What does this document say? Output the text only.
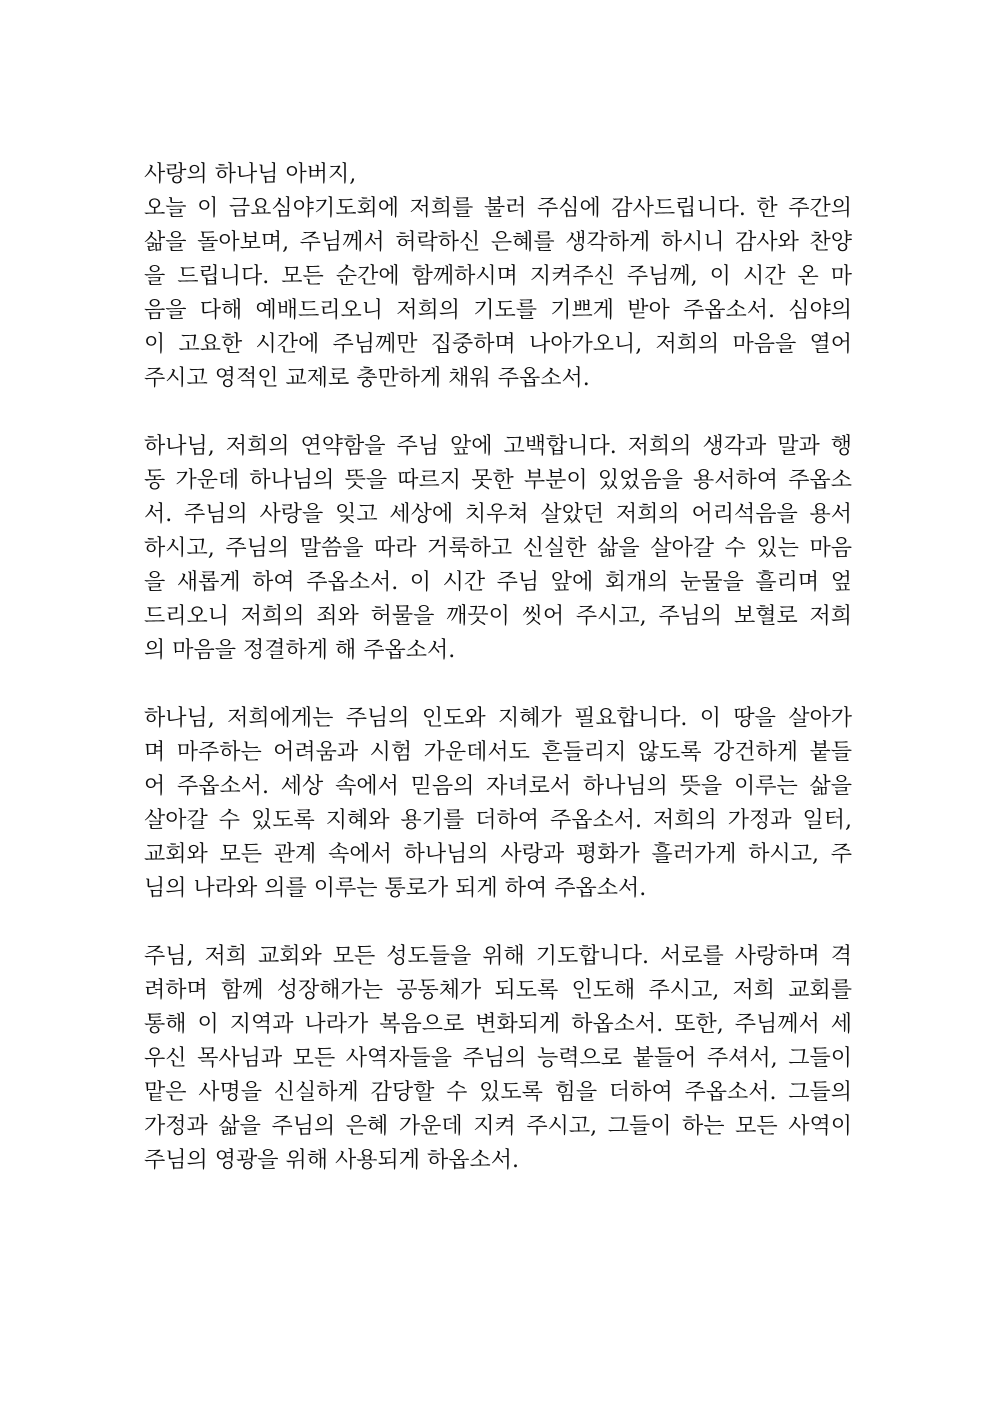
사랑의 하나님 아버지,
오늘 이 금요심야기도회에 저희를 불러 주심에 감사드립니다. 한 주간의
삶을 돌아보며, 주님께서 허락하신 은혜를 생각하게 하시니 감사와 찬양
을 드립니다. 모든 순간에 함께하시며 지켜주신 주님께, 이 시간 온 마
음을 다해 예배드리오니 저희의 기도를 기쁘게 받아 주옵소서. 심야의
이 고요한 시간에 주님께만 집중하며 나아가오니, 저희의 마음을 열어
주시고 영적인 교제로 충만하게 채워 주옵소서.
하나님, 저희의 연약함을 주님 앞에 고백합니다. 저희의 생각과 말과 행
동 가운데 하나님의 뜻을 따르지 못한 부분이 있었음을 용서하여 주옵소
서. 주님의 사랑을 잊고 세상에 치우쳐 살았던 저희의 어리석음을 용서
하시고, 주님의 말씀을 따라 거룩하고 신실한 삶을 살아갈 수 있는 마음
을 새롭게 하여 주옵소서. 이 시간 주님 앞에 회개의 눈물을 흘리며 엎
드리오니 저희의 죄와 허물을 깨끗이 씻어 주시고, 주님의 보혈로 저희
의 마음을 정결하게 해 주옵소서.
하나님, 저희에게는 주님의 인도와 지혜가 필요합니다. 이 땅을 살아가
며 마주하는 어려움과 시험 가운데서도 흔들리지 않도록 강건하게 붙들
어 주옵소서. 세상 속에서 믿음의 자녀로서 하나님의 뜻을 이루는 삶을
살아갈 수 있도록 지혜와 용기를 더하여 주옵소서. 저희의 가정과 일터,
교회와 모든 관계 속에서 하나님의 사랑과 평화가 흘러가게 하시고, 주
님의 나라와 의를 이루는 통로가 되게 하여 주옵소서.
주님, 저희 교회와 모든 성도들을 위해 기도합니다. 서로를 사랑하며 격
려하며 함께 성장해가는 공동체가 되도록 인도해 주시고, 저희 교회를
통해 이 지역과 나라가 복음으로 변화되게 하옵소서. 또한, 주님께서 세
우신 목사님과 모든 사역자들을 주님의 능력으로 붙들어 주셔서, 그들이
맡은 사명을 신실하게 감당할 수 있도록 힘을 더하여 주옵소서. 그들의
가정과 삶을 주님의 은혜 가운데 지켜 주시고, 그들이 하는 모든 사역이
주님의 영광을 위해 사용되게 하옵소서.
